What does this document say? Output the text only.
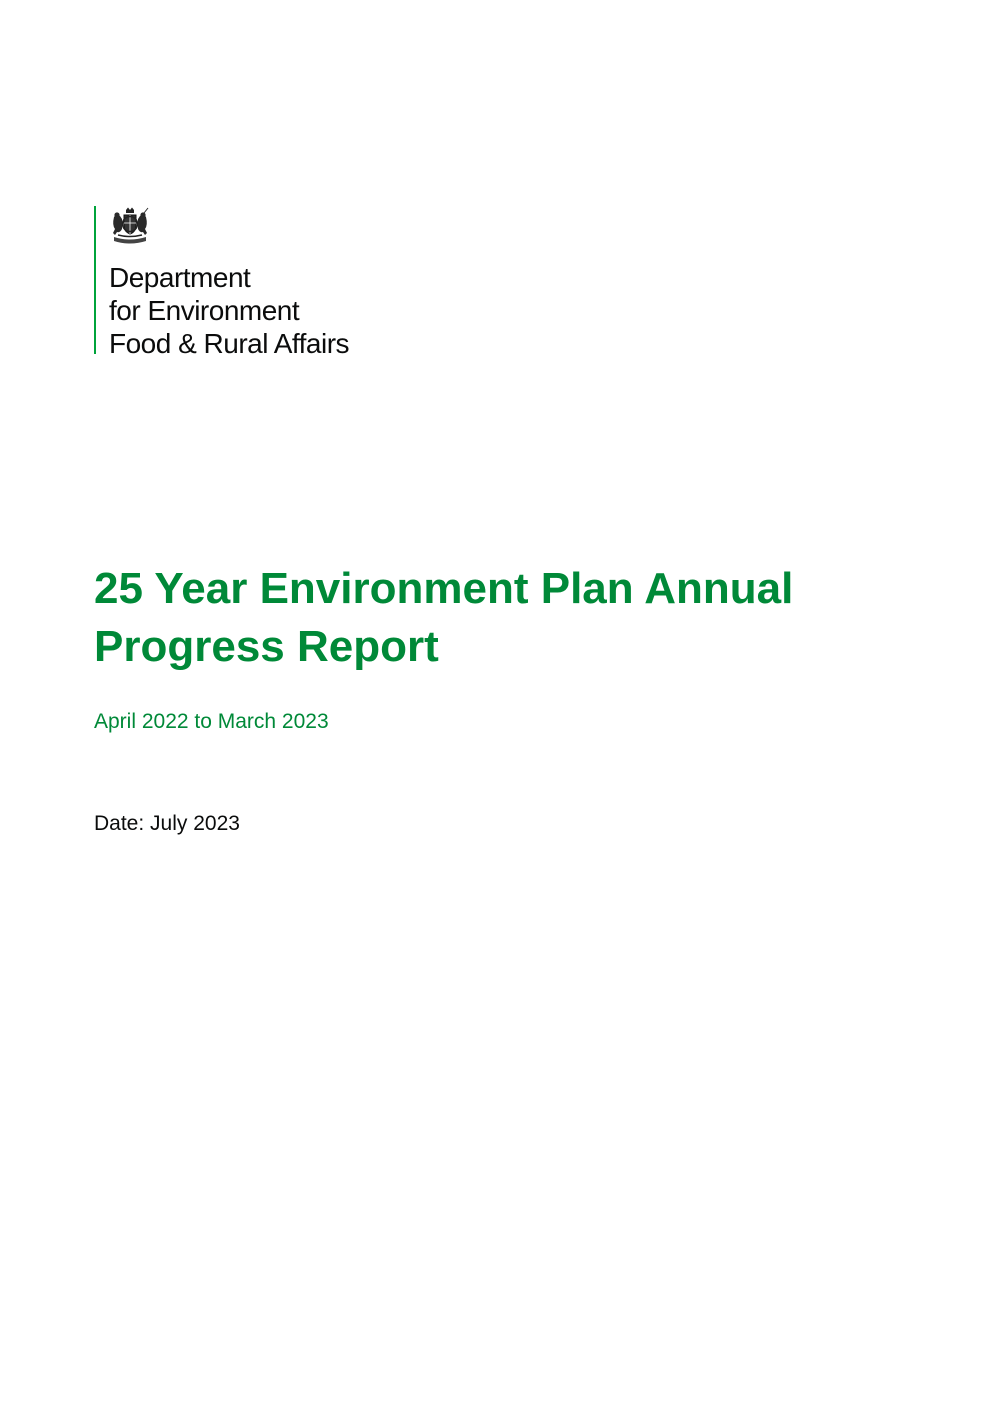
Department
for Environment
Food & Rural Affairs
25 Year Environment Plan Annual Progress Report

April 2022 to March 2023

Date: July 2023
